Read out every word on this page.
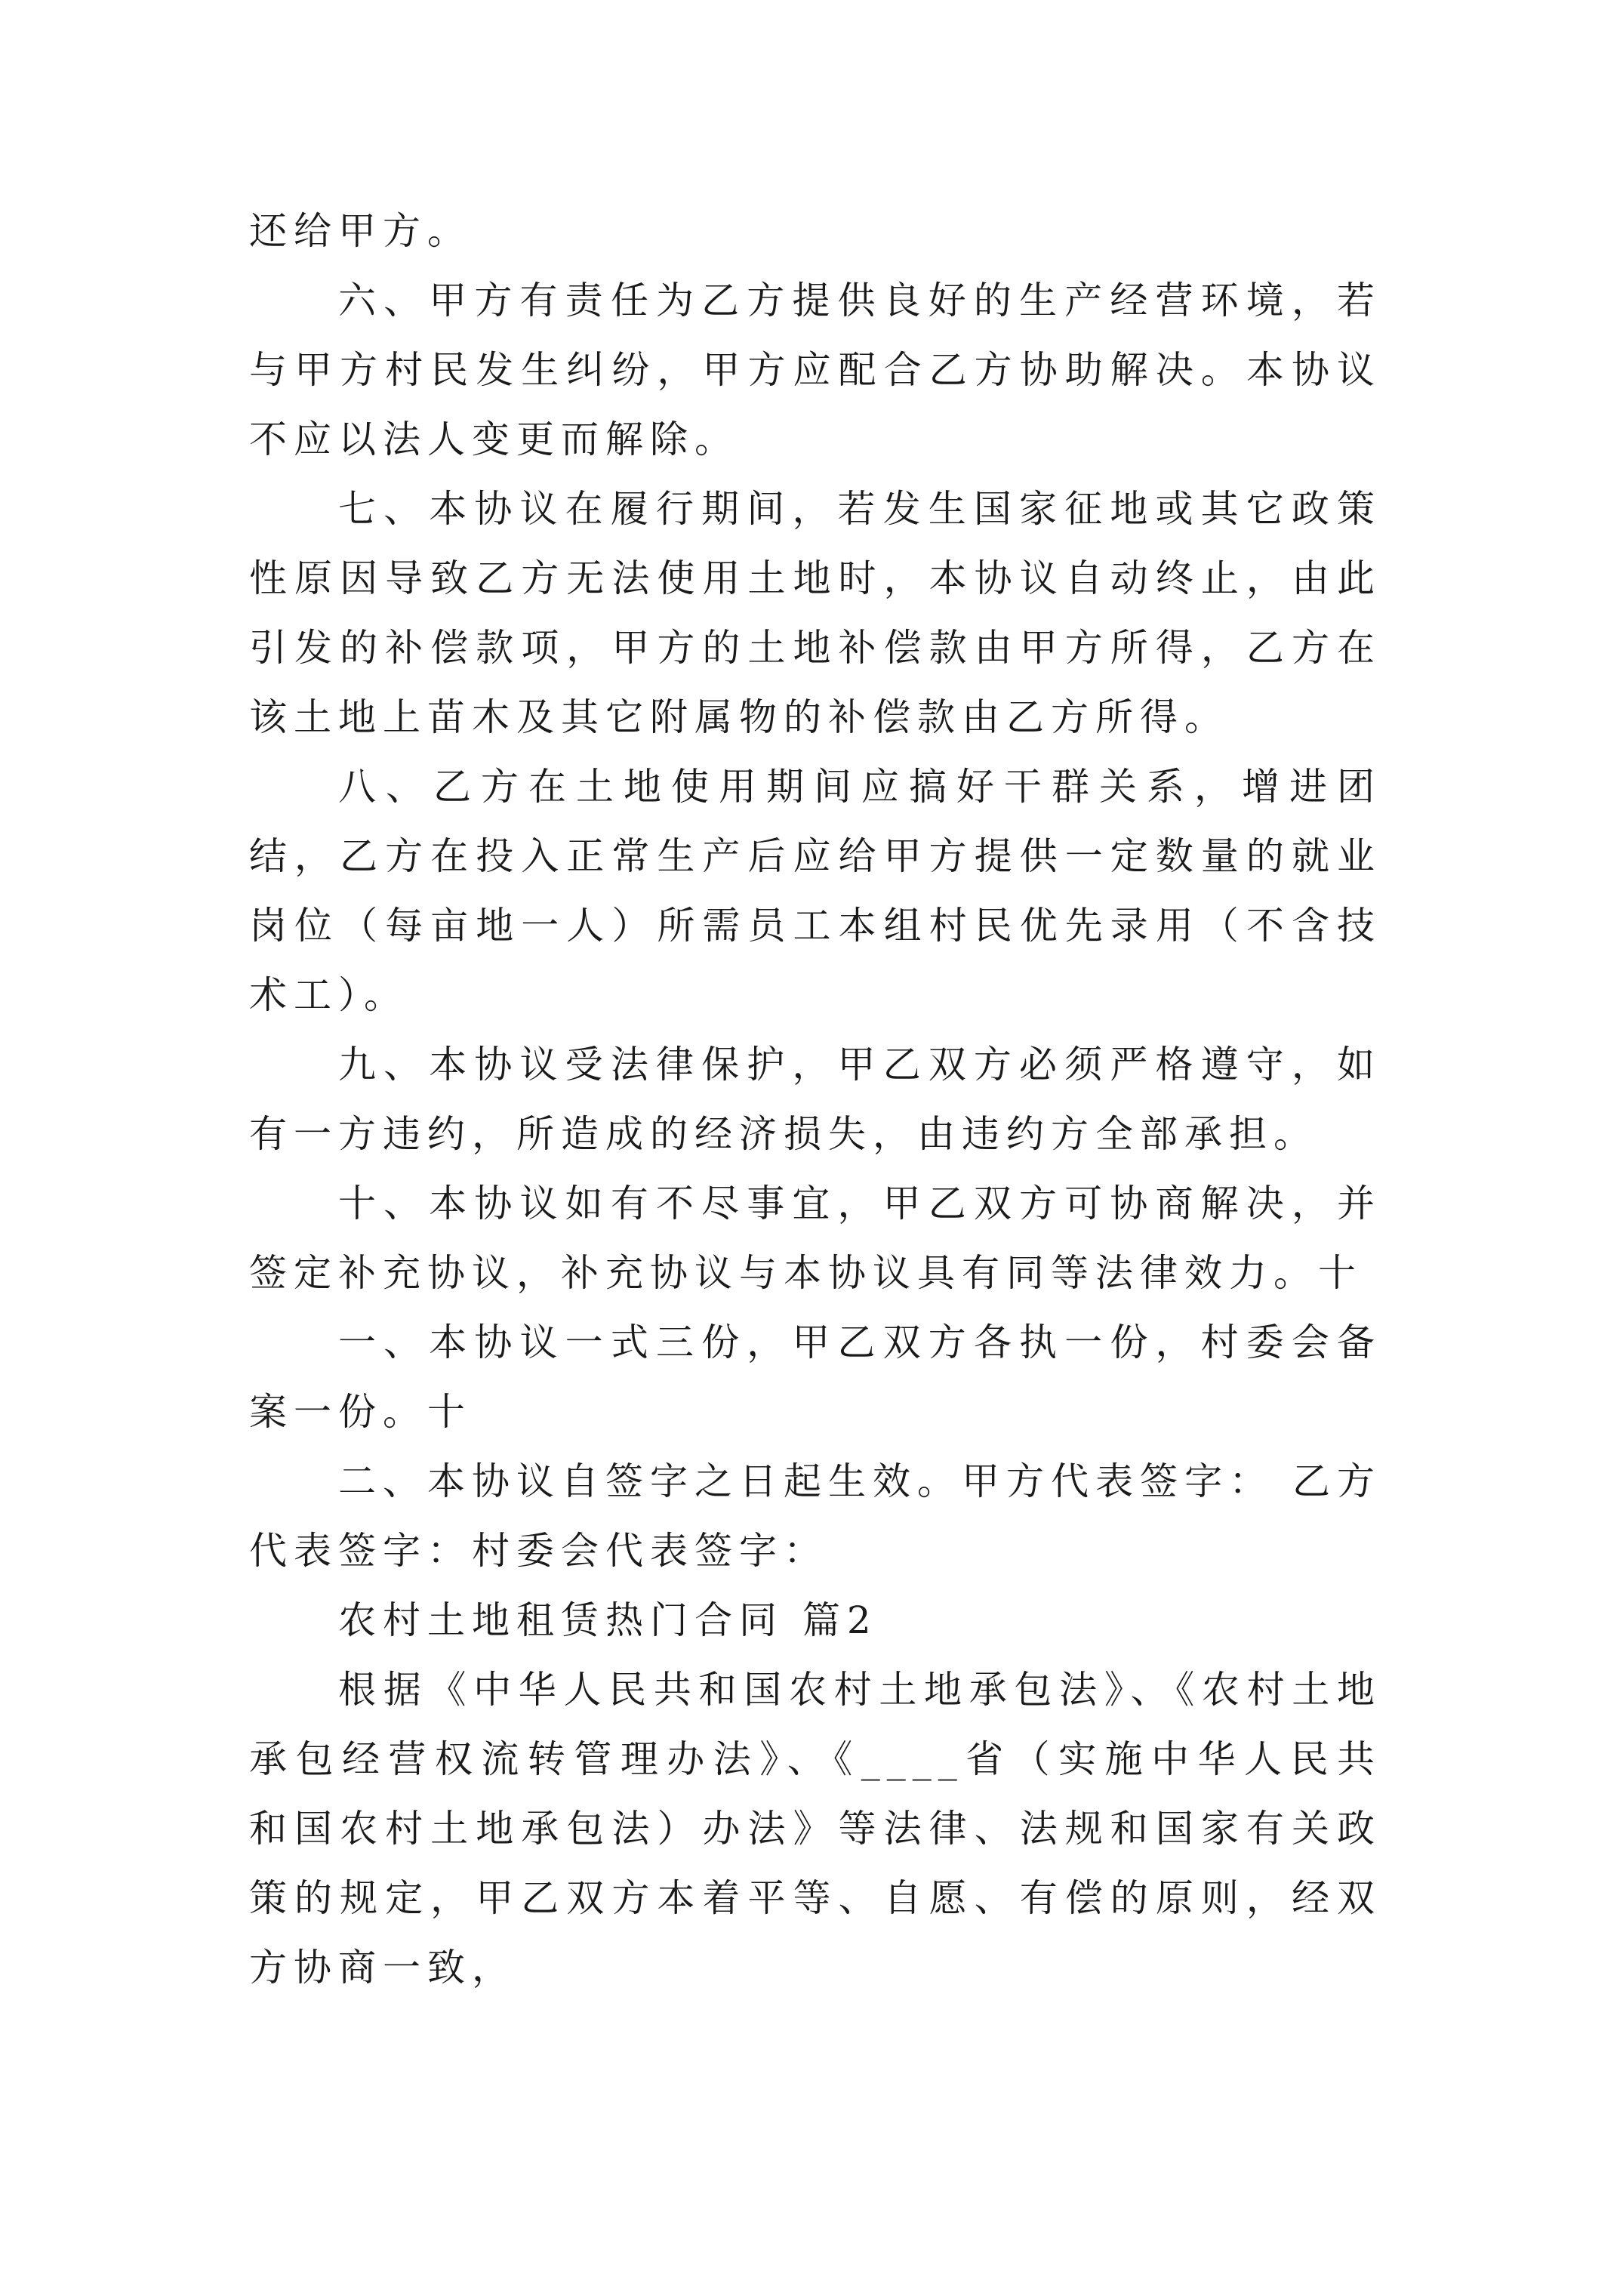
还给甲方。

六、甲方有责任为乙方提供良好的生产经营环境，若与甲方村民发生纠纷，甲方应配合乙方协助解决。本协议不应以法人变更而解除。

七、本协议在履行期间，若发生国家征地或其它政策性原因导致乙方无法使用土地时，本协议自动终止，由此引发的补偿款项，甲方的土地补偿款由甲方所得，乙方在该土地上苗木及其它附属物的补偿款由乙方所得。

八、乙方在土地使用期间应搞好干群关系，增进团结，乙方在投入正常生产后应给甲方提供一定数量的就业岗位（每亩地一人）所需员工本组村民优先录用（不含技术工）。

九、本协议受法律保护，甲乙双方必须严格遵守，如有一方违约，所造成的经济损失，由违约方全部承担。

十、本协议如有不尽事宜，甲乙双方可协商解决，并签定补充协议，补充协议与本协议具有同等法律效力。十

一、本协议一式三份，甲乙双方各执一份，村委会备案一份。十

二、本协议自签字之日起生效。甲方代表签字： 乙方代表签字：村委会代表签字：

农村土地租赁热门合同 篇2

根据《中华人民共和国农村土地承包法》、《农村土地承包经营权流转管理办法》、《____省（实施中华人民共和国农村土地承包法）办法》等法律、法规和国家有关政策的规定，甲乙双方本着平等、自愿、有偿的原则，经双方协商一致，
